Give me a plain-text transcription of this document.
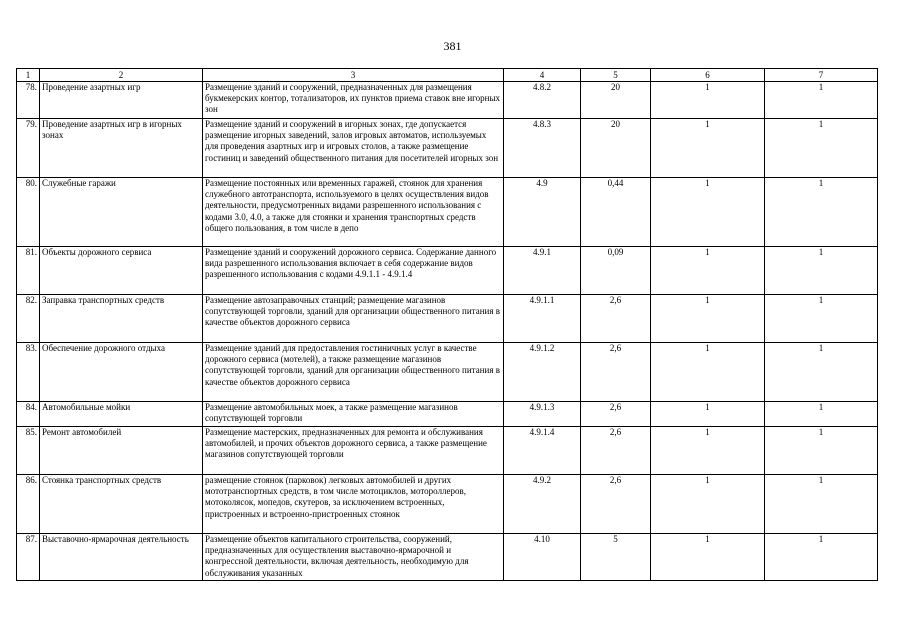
381
1	2	3	4	5	6	7
78.	Проведение азартных игр	Размещение зданий и сооружений, предназначенных для размещения букмекерских контор, тотализаторов, их пунктов приема ставок вне игорных зон	4.8.2	20	1	1
79.	Проведение азартных игр в игорных зонах	Размещение зданий и сооружений в игорных зонах, где допускается размещение игорных заведений, залов игровых автоматов, используемых для проведения азартных игр и игровых столов, а также размещение гостиниц и заведений общественного питания для посетителей игорных зон	4.8.3	20	1	1
80.	Служебные гаражи	Размещение постоянных или временных гаражей, стоянок для хранения служебного автотранспорта, используемого в целях осуществления видов деятельности, предусмотренных видами разрешенного использования с кодами 3.0, 4.0, а также для стоянки и хранения транспортных средств общего пользования, в том числе в депо	4.9	0,44	1	1
81.	Объекты дорожного сервиса	Размещение зданий и сооружений дорожного сервиса. Содержание данного вида разрешенного использования включает в себя содержание видов разрешенного использования с кодами 4.9.1.1 - 4.9.1.4	4.9.1	0,09	1	1
82.	Заправка транспортных средств	Размещение автозаправочных станций; размещение магазинов сопутствующей торговли, зданий для организации общественного питания в качестве объектов дорожного сервиса	4.9.1.1	2,6	1	1
83.	Обеспечение дорожного отдыха	Размещение зданий для предоставления гостиничных услуг в качестве дорожного сервиса (мотелей), а также размещение магазинов сопутствующей торговли, зданий для организации общественного питания в качестве объектов дорожного сервиса	4.9.1.2	2,6	1	1
84.	Автомобильные мойки	Размещение автомобильных моек, а также размещение магазинов сопутствующей торговли	4.9.1.3	2,6	1	1
85.	Ремонт автомобилей	Размещение мастерских, предназначенных для ремонта и обслуживания автомобилей, и прочих объектов дорожного сервиса, а также размещение магазинов сопутствующей торговли	4.9.1.4	2,6	1	1
86.	Стоянка транспортных средств	размещение стоянок (парковок) легковых автомобилей и других мототранспортных средств, в том числе мотоциклов, мотороллеров, мотоколясок, мопедов, скутеров, за исключением встроенных, пристроенных и встроенно-пристроенных стоянок	4.9.2	2,6	1	1
87.	Выставочно-ярмарочная деятельность	Размещение объектов капитального строительства, сооружений, предназначенных для осуществления выставочно-ярмарочной и конгрессной деятельности, включая деятельность, необходимую для обслуживания указанных	4.10	5	1	1
